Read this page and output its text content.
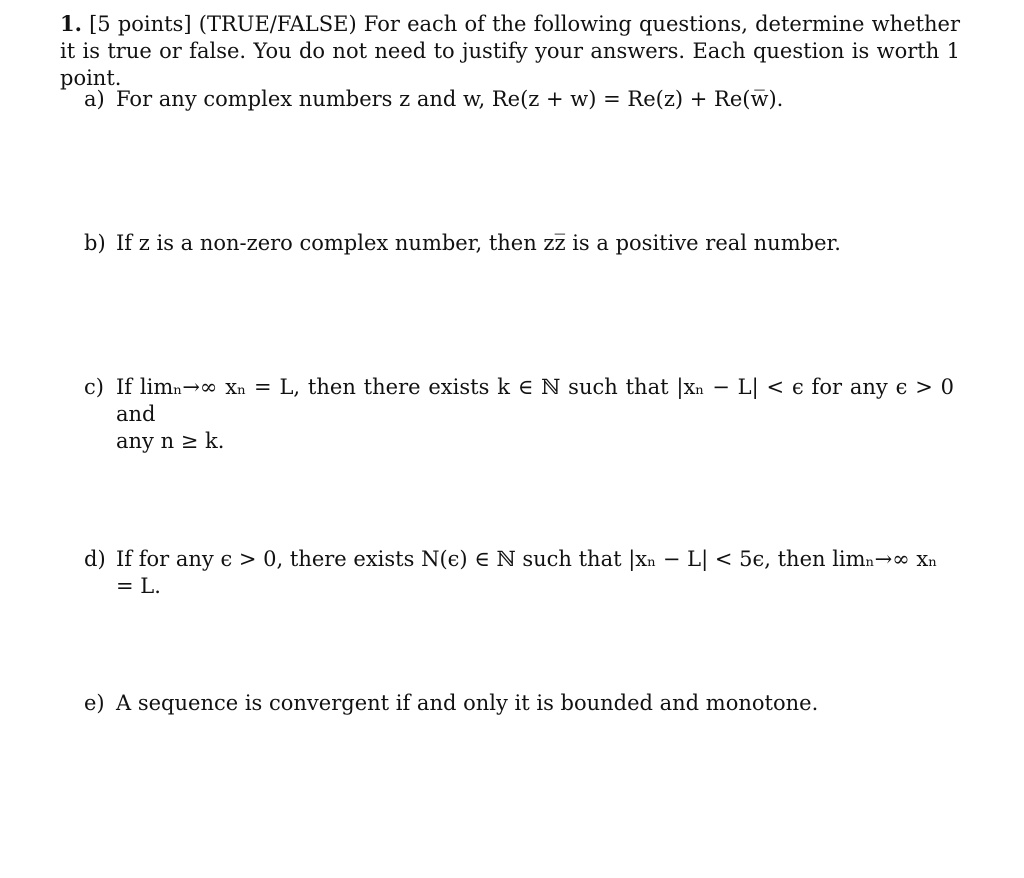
1. [5 points] (TRUE/FALSE) For each of the following questions, determine whether it is true or false. You do not need to justify your answers. Each question is worth 1 point.
a) For any complex numbers z and w, Re(z + w) = Re(z) + Re(w̅).
b) If z is a non-zero complex number, then zz̅ is a positive real number.
c) If limₙ→∞ xₙ = L, then there exists k ∈ ℕ such that |xₙ − L| < ϵ for any ϵ > 0 and
any n ≥ k.
d) If for any ϵ > 0, there exists N(ϵ) ∈ ℕ such that |xₙ − L| < 5ϵ, then limₙ→∞ xₙ = L.
e) A sequence is convergent if and only it is bounded and monotone.
